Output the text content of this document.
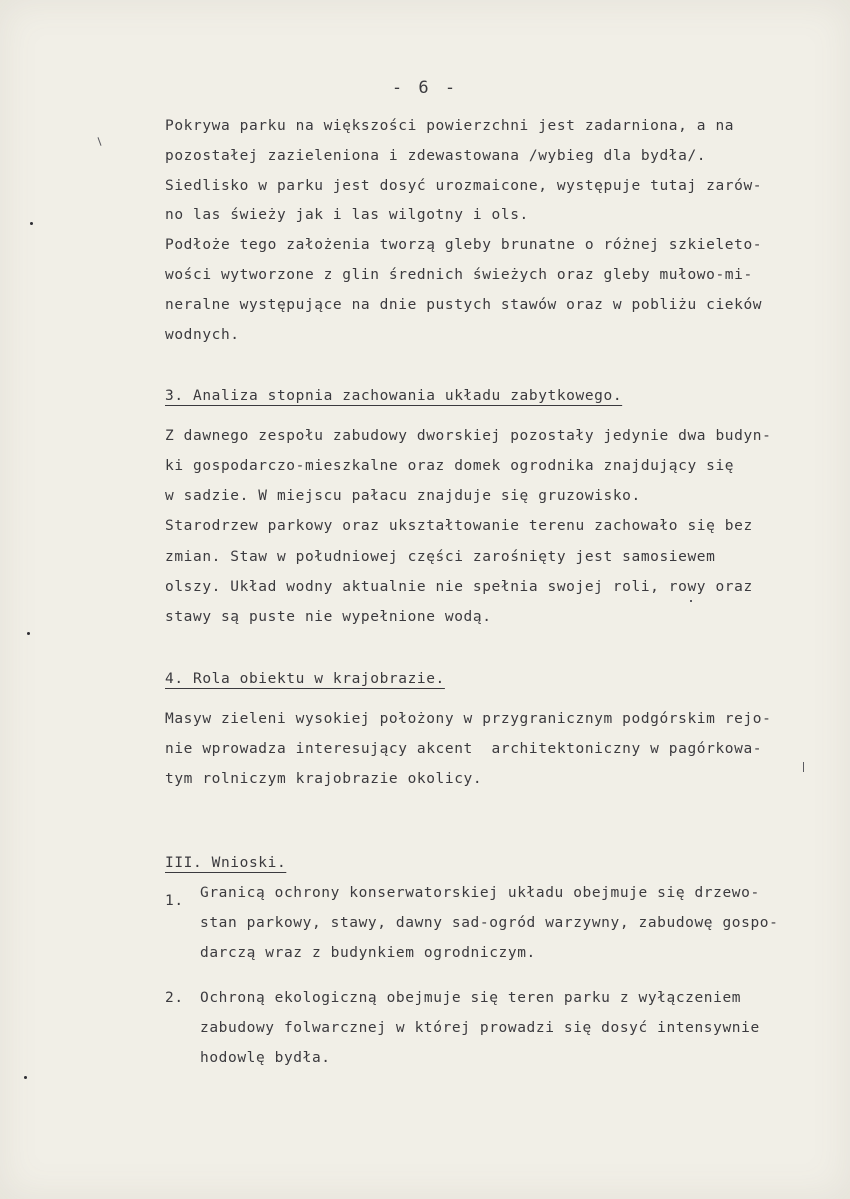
- 6 -
Pokrywa parku na większości powierzchni jest zadarniona, a na
pozostałej zazieleniona i zdewastowana /wybieg dla bydła/.
Siedlisko w parku jest dosyć urozmaicone, występuje tutaj zarów-
no las świeży jak i las wilgotny i ols.
Podłoże tego założenia tworzą gleby brunatne o różnej szkieleto-
wości wytworzone z glin średnich świeżych oraz gleby mułowo-mi-
neralne występujące na dnie pustych stawów oraz w pobliżu cieków
wodnych.
3. Analiza stopnia zachowania układu zabytkowego.
Z dawnego zespołu zabudowy dworskiej pozostały jedynie dwa budyn-
ki gospodarczo-mieszkalne oraz domek ogrodnika znajdujący się
w sadzie. W miejscu pałacu znajduje się gruzowisko.
Starodrzew parkowy oraz ukształtowanie terenu zachowało się bez
zmian. Staw w południowej części zarośnięty jest samosiewem
olszy. Układ wodny aktualnie nie spełnia swojej roli, rowy oraz
stawy są puste nie wypełnione wodą.
4. Rola obiektu w krajobrazie.
Masyw zieleni wysokiej położony w przygranicznym podgórskim rejo-
nie wprowadza interesujący akcent  architektoniczny w pagórkowa-
tym rolniczym krajobrazie okolicy.
III. Wnioski.
1. Granicą ochrony konserwatorskiej układu obejmuje się drzewo-
stan parkowy, stawy, dawny sad-ogród warzywny, zabudowę gospo-
darczą wraz z budynkiem ogrodniczym.
2. Ochroną ekologiczną obejmuje się teren parku z wyłączeniem
zabudowy folwarcznej w której prowadzi się dosyć intensywnie
hodowlę bydła.
